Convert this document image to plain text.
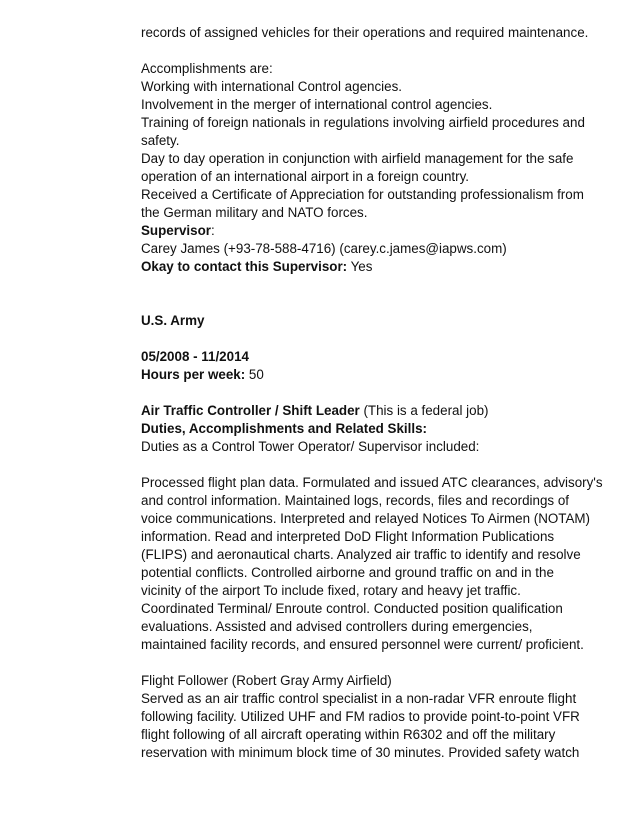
records of assigned vehicles for their operations and required maintenance.
Accomplishments are:
Working with international Control agencies.
Involvement in the merger of international control agencies.
Training of foreign nationals in regulations involving airfield procedures and
safety.
Day to day operation in conjunction with airfield management for the safe
operation of an international airport in a foreign country.
Received a Certificate of Appreciation for outstanding professionalism from
the German military and NATO forces.
Supervisor:
Carey James (+93-78-588-4716) (carey.c.james@iapws.com)
Okay to contact this Supervisor: Yes
U.S. Army
05/2008 - 11/2014
Hours per week: 50
Air Traffic Controller / Shift Leader (This is a federal job)
Duties, Accomplishments and Related Skills:
Duties as a Control Tower Operator/ Supervisor included:
Processed flight plan data. Formulated and issued ATC clearances, advisory's
and control information. Maintained logs, records, files and recordings of
voice communications. Interpreted and relayed Notices To Airmen (NOTAM)
information. Read and interpreted DoD Flight Information Publications
(FLIPS) and aeronautical charts. Analyzed air traffic to identify and resolve
potential conflicts. Controlled airborne and ground traffic on and in the
vicinity of the airport To include fixed, rotary and heavy jet traffic.
Coordinated Terminal/ Enroute control. Conducted position qualification
evaluations. Assisted and advised controllers during emergencies,
maintained facility records, and ensured personnel were current/ proficient.
Flight Follower (Robert Gray Army Airfield)
Served as an air traffic control specialist in a non-radar VFR enroute flight
following facility. Utilized UHF and FM radios to provide point-to-point VFR
flight following of all aircraft operating within R6302 and off the military
reservation with minimum block time of 30 minutes. Provided safety watch
